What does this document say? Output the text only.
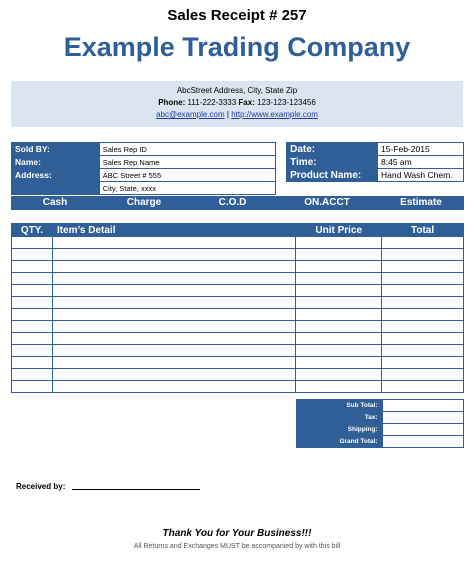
Sales Receipt # 257
Example Trading Company
AbcStreet Address, City, State Zip
Phone: 111-222-3333 Fax: 123-123-123456
abc@example.com | http://www.example.com
Sold BY:	Sales Rep ID		Date:	15-Feb-2015
Name:	Sales Rep Name		Time:	8:45 am
Address:	ABC Street # 555		Product Name:	Hand Wash Chem.
	City, State, xxxx			
Cash	Charge	C.O.D	ON.ACCT	Estimate
QTY.	Item’s Detail	Unit Price	Total

Sub Total:	
Tax:	
Shipping:	
Grand Total:	
Received by:
Thank You for Your Business!!!
All Returns and Exchanges MUST be accompanied by with this bill
